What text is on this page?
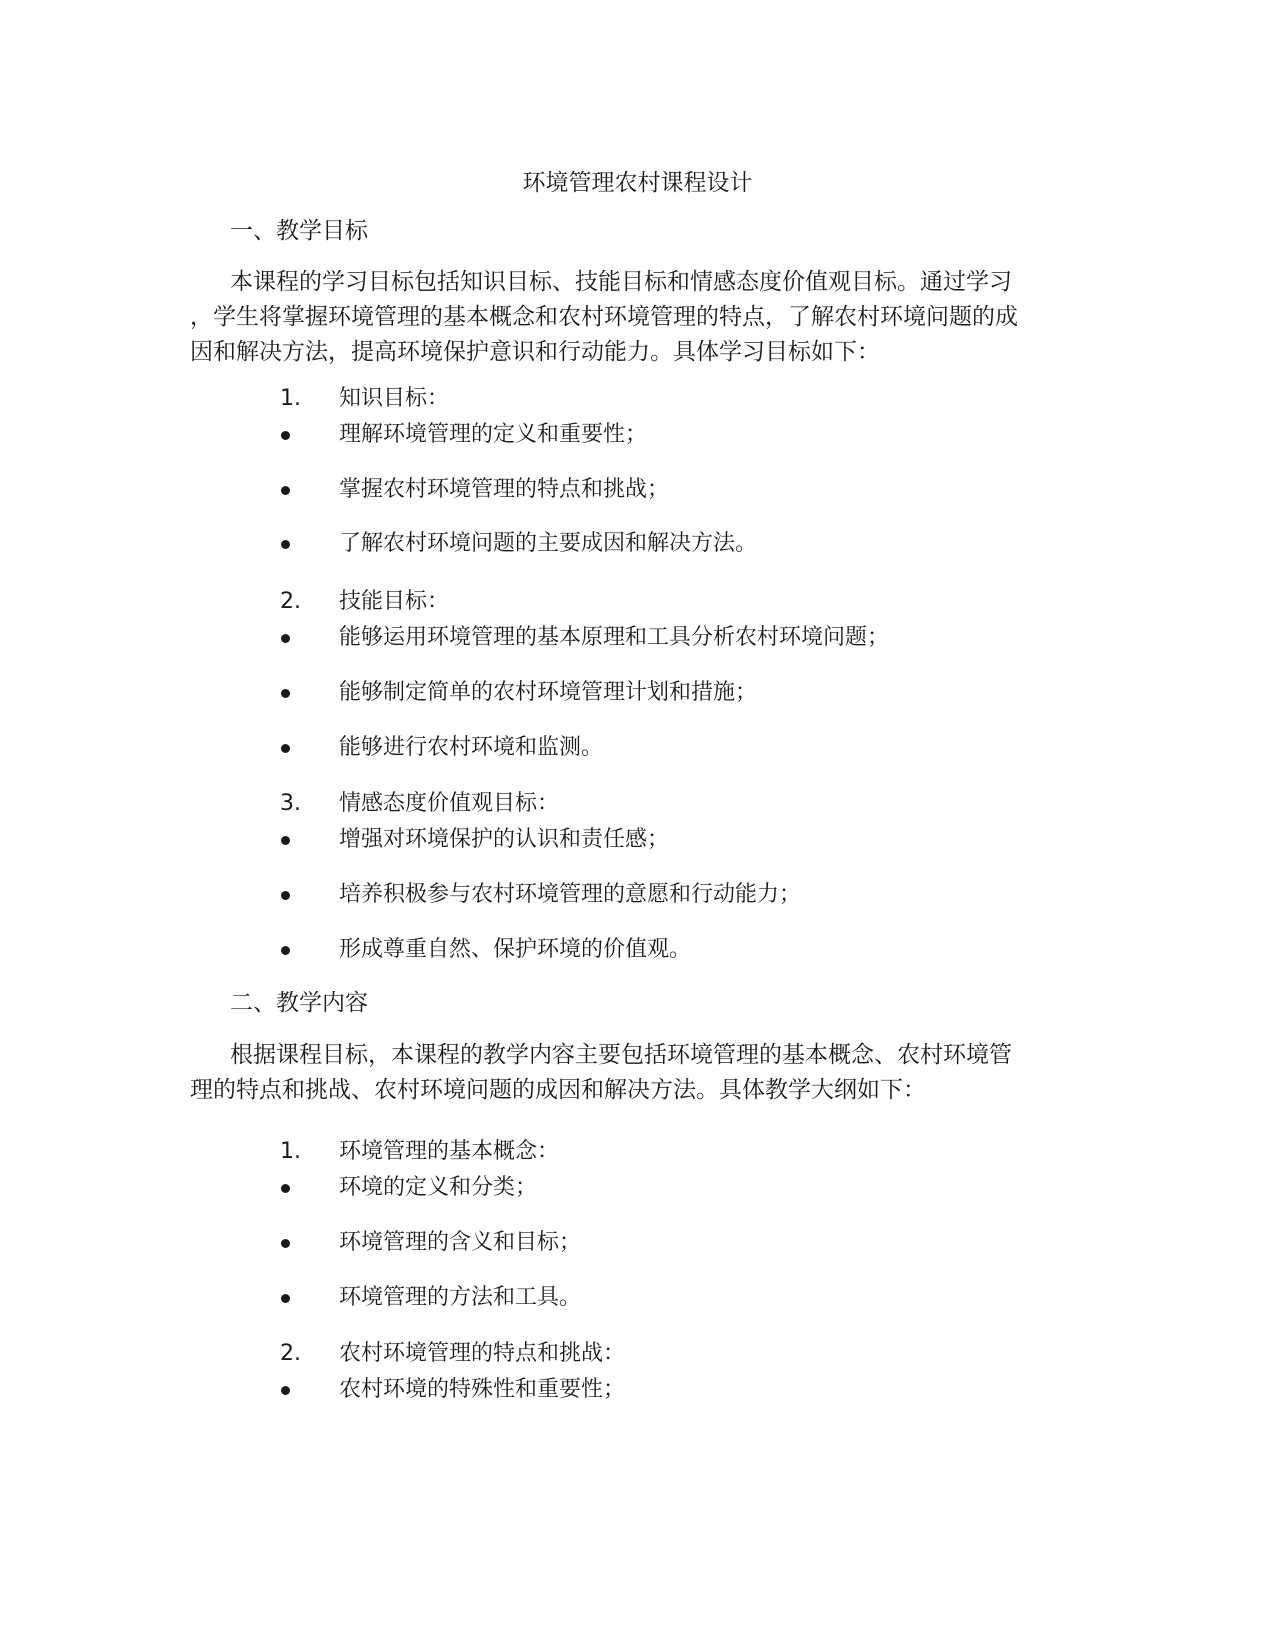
环境管理农村课程设计
一、教学目标
本课程的学习目标包括知识目标、技能目标和情感态度价值观目标。通过学习
，学生将掌握环境管理的基本概念和农村环境管理的特点，了解农村环境问题的成
因和解决方法，提高环境保护意识和行动能力。具体学习目标如下：
1.	知识目标：
理解环境管理的定义和重要性；
掌握农村环境管理的特点和挑战；
了解农村环境问题的主要成因和解决方法。
2.	技能目标：
能够运用环境管理的基本原理和工具分析农村环境问题；
能够制定简单的农村环境管理计划和措施；
能够进行农村环境和监测。
3.	情感态度价值观目标：
增强对环境保护的认识和责任感；
培养积极参与农村环境管理的意愿和行动能力；
形成尊重自然、保护环境的价值观。
二、教学内容
根据课程目标，本课程的教学内容主要包括环境管理的基本概念、农村环境管
理的特点和挑战、农村环境问题的成因和解决方法。具体教学大纲如下：
1.	环境管理的基本概念：
环境的定义和分类；
环境管理的含义和目标；
环境管理的方法和工具。
2.	农村环境管理的特点和挑战：
农村环境的特殊性和重要性；
